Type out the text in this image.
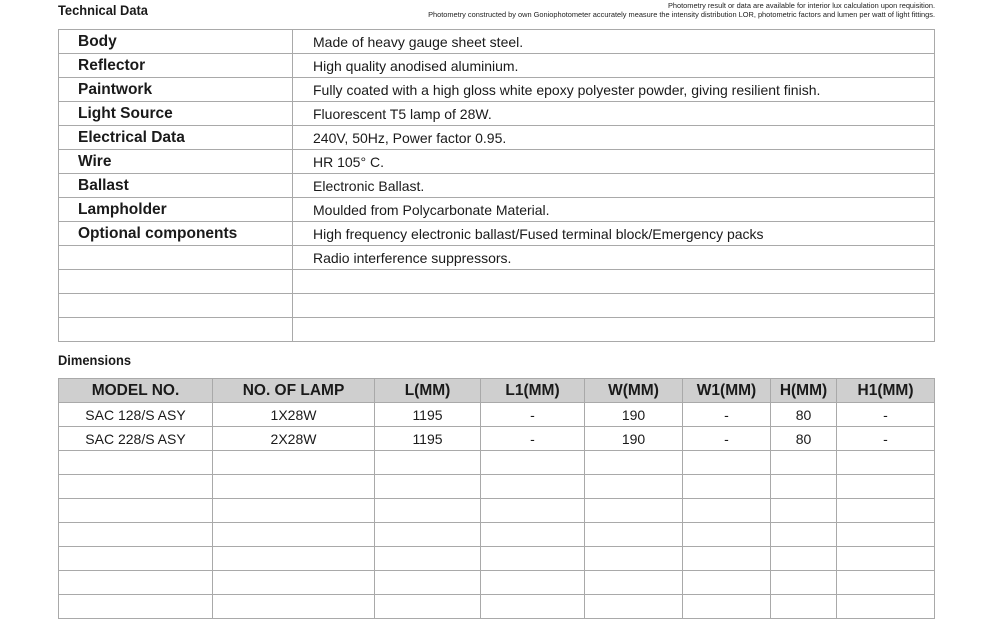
Technical Data	Photometry result or data are available for interior lux calculation upon requisition.
Photometry constructed by own Goniophotometer accurately measure the intensity distribution LOR, photometric factors and lumen per watt of light fittings.
Body	Made of heavy gauge sheet steel.
Reflector	High quality anodised aluminium.
Paintwork	Fully coated with a high gloss white epoxy polyester powder, giving resilient finish.
Light Source	Fluorescent T5 lamp of 28W.
Electrical Data	240V, 50Hz, Power factor 0.95.
Wire	HR 105° C.
Ballast	Electronic Ballast.
Lampholder	Moulded from Polycarbonate Material.
Optional components	High frequency electronic ballast/Fused terminal block/Emergency packs
	Radio interference suppressors.

Dimensions
MODEL NO.	NO. OF LAMP	L(MM)	L1(MM)	W(MM)	W1(MM)	H(MM)	H1(MM)
SAC 128/S ASY	1X28W	1195	-	190	-	80	-
SAC 228/S ASY	2X28W	1195	-	190	-	80	-
